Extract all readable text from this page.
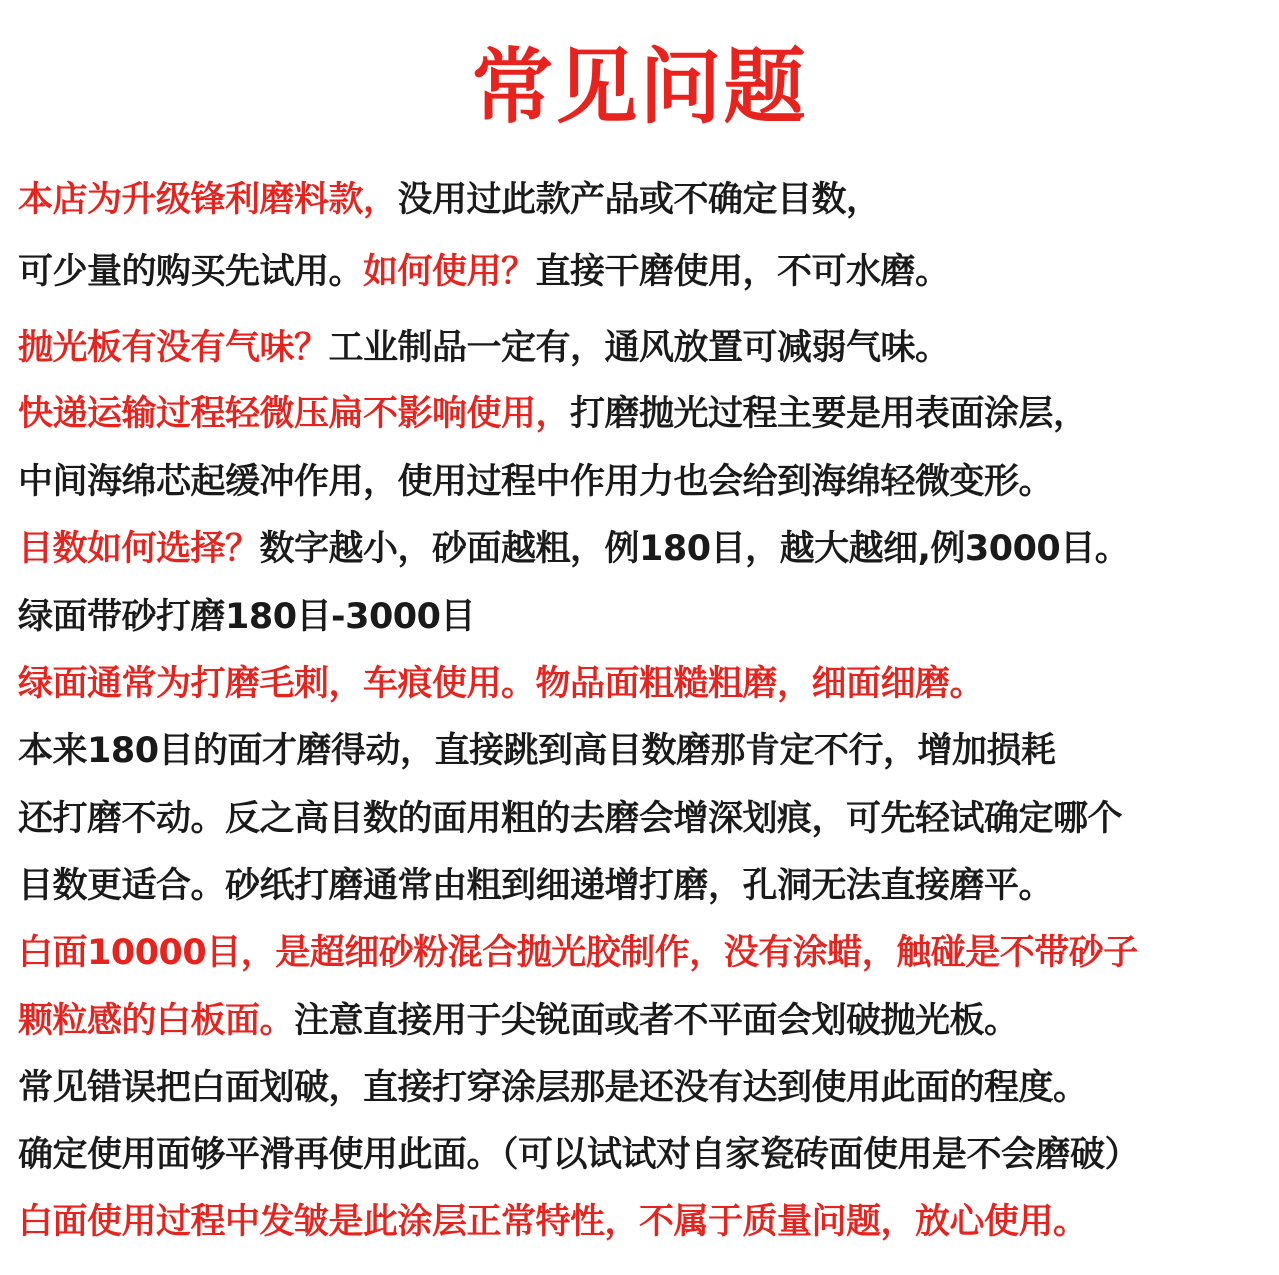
常见问题
本店为升级锋利磨料款，没用过此款产品或不确定目数，
可少量的购买先试用。如何使用？直接干磨使用，不可水磨。
抛光板有没有气味？工业制品一定有，通风放置可减弱气味。
快递运输过程轻微压扁不影响使用，打磨抛光过程主要是用表面涂层，
中间海绵芯起缓冲作用，使用过程中作用力也会给到海绵轻微变形。
目数如何选择？数字越小，砂面越粗，例180目，越大越细,例3000目。
绿面带砂打磨180目-3000目
绿面通常为打磨毛刺，车痕使用。物品面粗糙粗磨，细面细磨。
本来180目的面才磨得动，直接跳到高目数磨那肯定不行，增加损耗
还打磨不动。反之高目数的面用粗的去磨会增深划痕，可先轻试确定哪个
目数更适合。砂纸打磨通常由粗到细递增打磨，孔洞无法直接磨平。
白面10000目，是超细砂粉混合抛光胶制作，没有涂蜡，触碰是不带砂子
颗粒感的白板面。注意直接用于尖锐面或者不平面会划破抛光板。
常见错误把白面划破，直接打穿涂层那是还没有达到使用此面的程度。
确定使用面够平滑再使用此面。（可以试试对自家瓷砖面使用是不会磨破）
白面使用过程中发皱是此涂层正常特性，不属于质量问题，放心使用。
